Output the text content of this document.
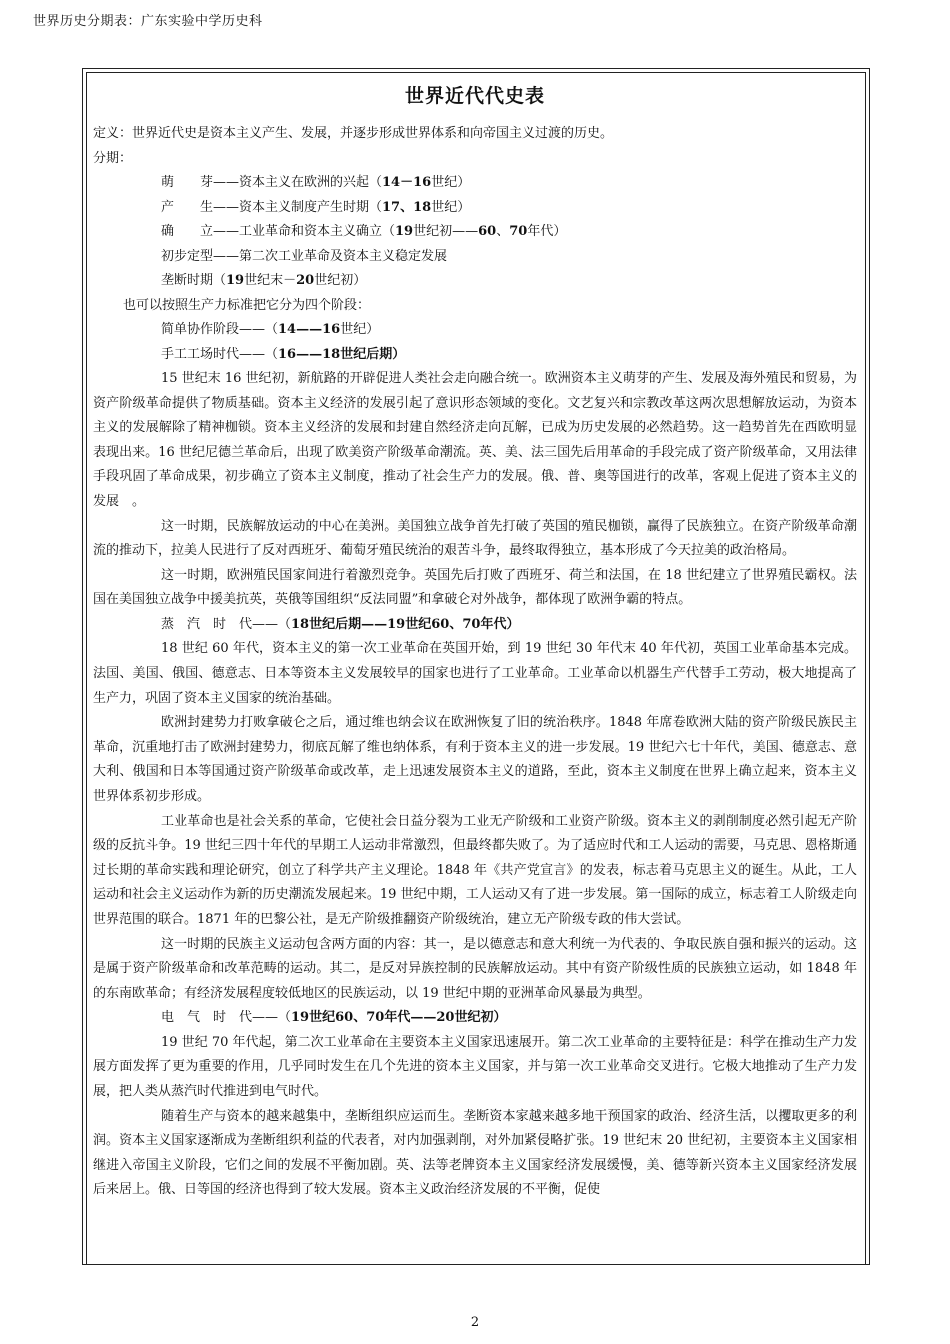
世界历史分期表：广东实验中学历史科
世界近代代史表
定义：世界近代史是资本主义产生、发展，并逐步形成世界体系和向帝国主义过渡的历史。
分期：
萌　　芽——资本主义在欧洲的兴起（14－16世纪）
产　　生——资本主义制度产生时期（17、18世纪）
确　　立——工业革命和资本主义确立（19世纪初——60、70年代）
初步定型——第二次工业革命及资本主义稳定发展
垄断时期（19世纪末－20世纪初）
也可以按照生产力标准把它分为四个阶段：
简单协作阶段——（14——16世纪）
手工工场时代——（16——18世纪后期）

15 世纪末 16 世纪初，新航路的开辟促进人类社会走向融合统一。欧洲资本主义萌芽的产生、发展及海外殖民和贸易，为资产阶级革命提供了物质基础。资本主义经济的发展引起了意识形态领域的变化。文艺复兴和宗教改革这两次思想解放运动，为资本主义的发展解除了精神枷锁。资本主义经济的发展和封建自然经济走向瓦解，已成为历史发展的必然趋势。这一趋势首先在西欧明显表现出来。16 世纪尼德兰革命后，出现了欧美资产阶级革命潮流。英、美、法三国先后用革命的手段完成了资产阶级革命，又用法律手段巩固了革命成果，初步确立了资本主义制度，推动了社会生产力的发展。俄、普、奥等国进行的改革，客观上促进了资本主义的发展　。

这一时期，民族解放运动的中心在美洲。美国独立战争首先打破了英国的殖民枷锁，赢得了民族独立。在资产阶级革命潮流的推动下，拉美人民进行了反对西班牙、葡萄牙殖民统治的艰苦斗争，最终取得独立，基本形成了今天拉美的政治格局。

这一时期，欧洲殖民国家间进行着激烈竞争。英国先后打败了西班牙、荷兰和法国，在 18 世纪建立了世界殖民霸权。法国在美国独立战争中援美抗英，英俄等国组织“反法同盟”和拿破仑对外战争，都体现了欧洲争霸的特点。

蒸　汽　时　代——（18世纪后期——19世纪60、70年代）

18 世纪 60 年代，资本主义的第一次工业革命在英国开始，到 19 世纪 30 年代末 40 年代初，英国工业革命基本完成。法国、美国、俄国、德意志、日本等资本主义发展较早的国家也进行了工业革命。工业革命以机器生产代替手工劳动，极大地提高了生产力，巩固了资本主义国家的统治基础。

欧洲封建势力打败拿破仑之后，通过维也纳会议在欧洲恢复了旧的统治秩序。1848 年席卷欧洲大陆的资产阶级民族民主革命，沉重地打击了欧洲封建势力，彻底瓦解了维也纳体系，有利于资本主义的进一步发展。19 世纪六七十年代，美国、德意志、意大利、俄国和日本等国通过资产阶级革命或改革，走上迅速发展资本主义的道路，至此，资本主义制度在世界上确立起来，资本主义世界体系初步形成。

工业革命也是社会关系的革命，它使社会日益分裂为工业无产阶级和工业资产阶级。资本主义的剥削制度必然引起无产阶级的反抗斗争。19 世纪三四十年代的早期工人运动非常激烈，但最终都失败了。为了适应时代和工人运动的需要，马克思、恩格斯通过长期的革命实践和理论研究，创立了科学共产主义理论。1848 年《共产党宣言》的发表，标志着马克思主义的诞生。从此，工人运动和社会主义运动作为新的历史潮流发展起来。19 世纪中期，工人运动又有了进一步发展。第一国际的成立，标志着工人阶级走向世界范围的联合。1871 年的巴黎公社，是无产阶级推翻资产阶级统治，建立无产阶级专政的伟大尝试。

这一时期的民族主义运动包含两方面的内容：其一，是以德意志和意大利统一为代表的、争取民族自强和振兴的运动。这是属于资产阶级革命和改革范畴的运动。其二，是反对异族控制的民族解放运动。其中有资产阶级性质的民族独立运动，如 1848 年的东南欧革命；有经济发展程度较低地区的民族运动，以 19 世纪中期的亚洲革命风暴最为典型。

电　气　时　代——（19世纪60、70年代——20世纪初）

19 世纪 70 年代起，第二次工业革命在主要资本主义国家迅速展开。第二次工业革命的主要特征是：科学在推动生产力发展方面发挥了更为重要的作用，几乎同时发生在几个先进的资本主义国家，并与第一次工业革命交叉进行。它极大地推动了生产力发展，把人类从蒸汽时代推进到电气时代。

随着生产与资本的越来越集中，垄断组织应运而生。垄断资本家越来越多地干预国家的政治、经济生活，以攫取更多的利润。资本主义国家逐渐成为垄断组织利益的代表者，对内加强剥削，对外加紧侵略扩张。19 世纪末 20 世纪初，主要资本主义国家相继进入帝国主义阶段，它们之间的发展不平衡加剧。英、法等老牌资本主义国家经济发展缓慢，美、德等新兴资本主义国家经济发展后来居上。俄、日等国的经济也得到了较大发展。资本主义政治经济发展的不平衡，促使

2
